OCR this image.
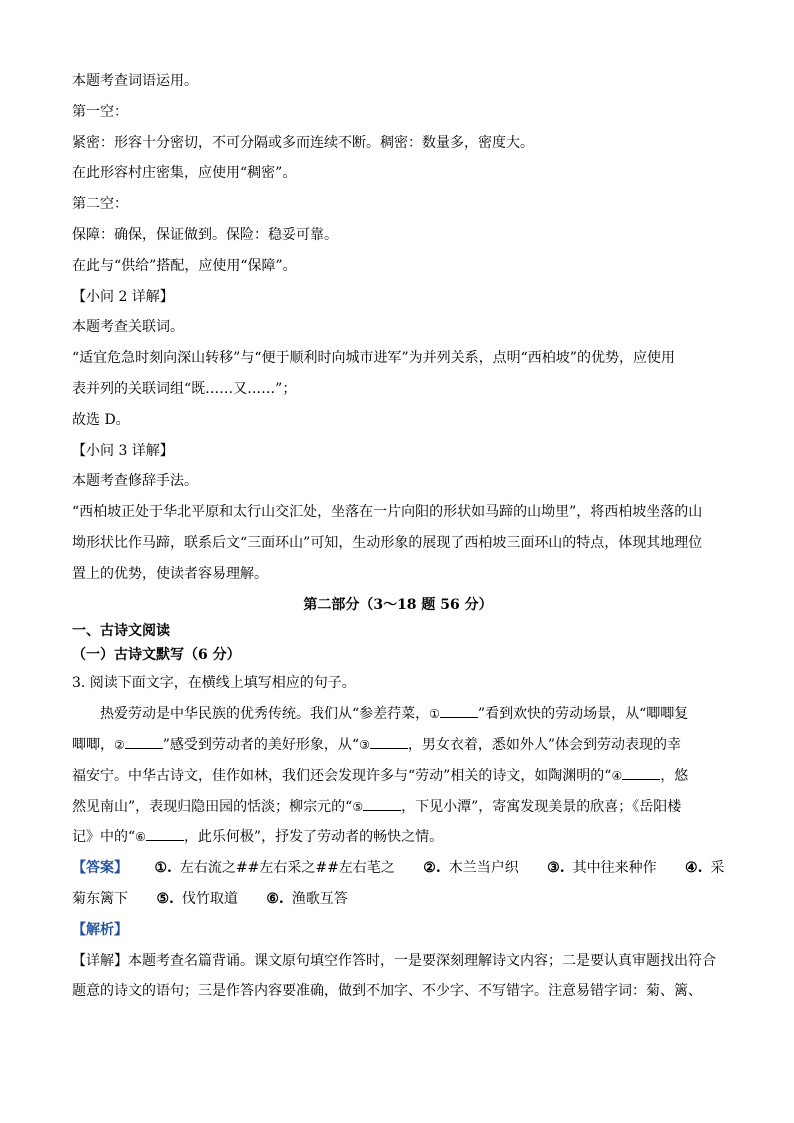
本题考查词语运用。
第一空：
紧密：形容十分密切，不可分隔或多而连续不断。稠密：数量多，密度大。
在此形容村庄密集，应使用“稠密”。
第二空：
保障：确保，保证做到。保险：稳妥可靠。
在此与“供给”搭配，应使用“保障”。
【小问 2 详解】
本题考查关联词。
“适宜危急时刻向深山转移”与“便于顺利时向城市进军”为并列关系，点明“西柏坡”的优势，应使用
表并列的关联词组“既……又……”；
故选 D。
【小问 3 详解】
本题考查修辞手法。
“西柏坡正处于华北平原和太行山交汇处，坐落在一片向阳的形状如马蹄的山坳里”，将西柏坡坐落的山
坳形状比作马蹄，联系后文“三面环山”可知，生动形象的展现了西柏坡三面环山的特点，体现其地理位
置上的优势，使读者容易理解。
第二部分（3～18 题 56 分）
一、古诗文阅读
（一）古诗文默写（6 分）
3. 阅读下面文字，在横线上填写相应的句子。
热爱劳动是中华民族的优秀传统。我们从“参差荇菜，①	”看到欢快的劳动场景，从“唧唧复
唧唧，②	”感受到劳动者的美好形象，从“③	，男女衣着，悉如外人”体会到劳动表现的幸
福安宁。中华古诗文，佳作如林，我们还会发现许多与“劳动”相关的诗文，如陶渊明的“④	，悠
然见南山”，表现归隐田园的恬淡；柳宗元的“⑤	，下见小潭”，寄寓发现美景的欣喜；《岳阳楼
记》中的“⑥	，此乐何极”，抒发了劳动者的畅快之情。
【答案】 ①. 左右流之##左右采之##左右芼之 ②. 木兰当户织 ③. 其中往来种作 ④. 采
菊东篱下 ⑤. 伐竹取道 ⑥. 渔歌互答
【解析】
【详解】本题考查名篇背诵。课文原句填空作答时，一是要深刻理解诗文内容；二是要认真审题找出符合
题意的诗文的语句；三是作答内容要准确，做到不加字、不少字、不写错字。注意易错字词：菊、篱、
